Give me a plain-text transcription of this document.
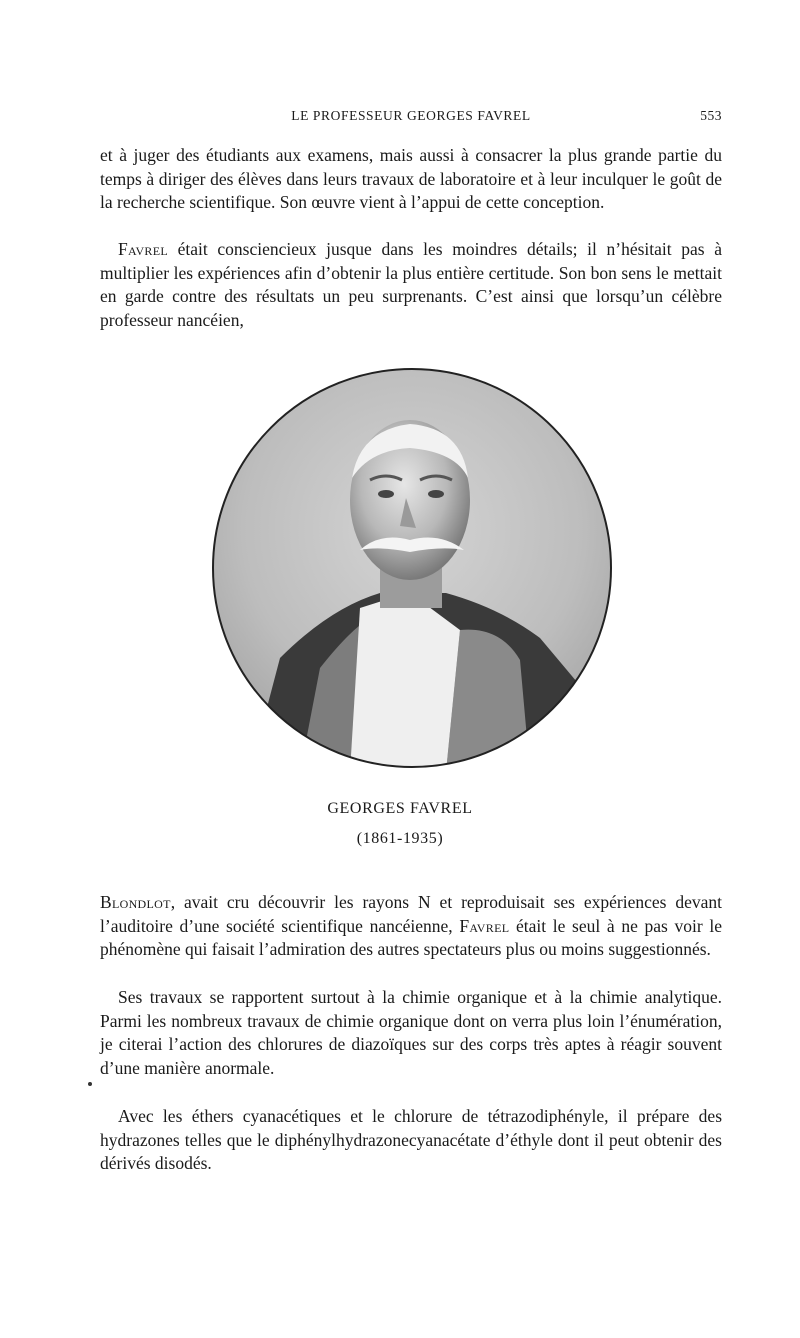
LE PROFESSEUR GEORGES FAVREL	553

et à juger des étudiants aux examens, mais aussi à consacrer la plus grande partie du temps à diriger des élèves dans leurs travaux de laboratoire et à leur inculquer le goût de la recherche scientifique. Son œuvre vient à l’appui de cette conception.

Favrel était consciencieux jusque dans les moindres détails; il n’hésitait pas à multiplier les expériences afin d’obtenir la plus entière certitude. Son bon sens le mettait en garde contre des résultats un peu surprenants. C’est ainsi que lorsqu’un célèbre professeur nancéien,

GEORGES FAVREL
(1861-1935)

Blondlot, avait cru découvrir les rayons N et reproduisait ses expériences devant l’auditoire d’une société scientifique nancéienne, Favrel était le seul à ne pas voir le phénomène qui faisait l’admiration des autres spectateurs plus ou moins suggestionnés.

Ses travaux se rapportent surtout à la chimie organique et à la chimie analytique. Parmi les nombreux travaux de chimie organique dont on verra plus loin l’énumération, je citerai l’action des chlorures de diazoïques sur des corps très aptes à réagir souvent d’une manière anormale.

Avec les éthers cyanacétiques et le chlorure de tétrazodiphényle, il prépare des hydrazones telles que le diphénylhydrazonecyanacétate d’éthyle dont il peut obtenir des dérivés disodés.
